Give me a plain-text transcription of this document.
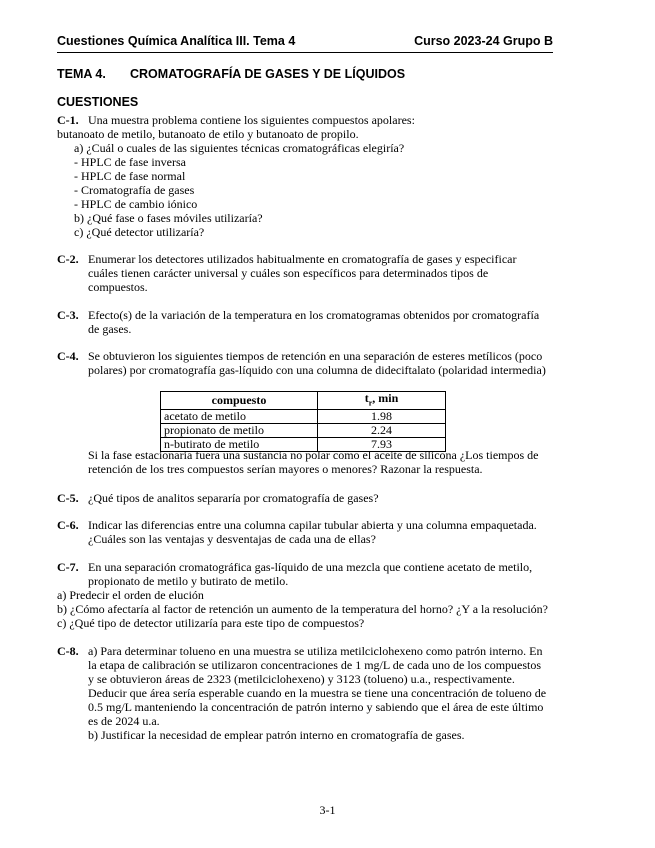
Cuestiones Química Analítica III. Tema 4	Curso 2023-24 Grupo B
TEMA 4. CROMATOGRAFÍA DE GASES Y DE LÍQUIDOS
CUESTIONES
C-1. Una muestra problema contiene los siguientes compuestos apolares:
butanoato de metilo, butanoato de etilo y butanoato de propilo.
a) ¿Cuál o cuales de las siguientes técnicas cromatográficas elegiría?
- HPLC de fase inversa
- HPLC de fase normal
- Cromatografía de gases
- HPLC de cambio iónico
b) ¿Qué fase o fases móviles utilizaría?
c) ¿Qué detector utilizaría?
C-2. Enumerar los detectores utilizados habitualmente en cromatografía de gases y especificar
cuáles tienen carácter universal y cuáles son específicos para determinados tipos de
compuestos.
C-3. Efecto(s) de la variación de la temperatura en los cromatogramas obtenidos por cromatografía
de gases.
C-4. Se obtuvieron los siguientes tiempos de retención en una separación de esteres metílicos (poco
polares) por cromatografía gas-líquido con una columna de dideciftalato (polaridad intermedia)
compuesto	$t_r$, min
acetato de metilo	1.98
propionato de metilo	2.24
n-butirato de metilo	7.93
Si la fase estacionaria fuera una sustancia no polar como el aceite de silicona ¿Los tiempos de
retención de los tres compuestos serían mayores o menores? Razonar la respuesta.
C-5. ¿Qué tipos de analitos separaría por cromatografía de gases?
C-6. Indicar las diferencias entre una columna capilar tubular abierta y una columna empaquetada.
¿Cuáles son las ventajas y desventajas de cada una de ellas?
C-7. En una separación cromatográfica gas-líquido de una mezcla que contiene acetato de metilo,
propionato de metilo y butirato de metilo.
a) Predecir el orden de elución
b) ¿Cómo afectaría al factor de retención un aumento de la temperatura del horno? ¿Y a la resolución?
c) ¿Qué tipo de detector utilizaría para este tipo de compuestos?
C-8. a) Para determinar tolueno en una muestra se utiliza metilciclohexeno como patrón interno. En
la etapa de calibración se utilizaron concentraciones de 1 mg/L de cada uno de los compuestos
y se obtuvieron áreas de 2323 (metilciclohexeno) y 3123 (tolueno) u.a., respectivamente.
Deducir que área sería esperable cuando en la muestra se tiene una concentración de tolueno de
0.5 mg/L manteniendo la concentración de patrón interno y sabiendo que el área de este último
es de 2024 u.a.
b) Justificar la necesidad de emplear patrón interno en cromatografía de gases.
3-1
